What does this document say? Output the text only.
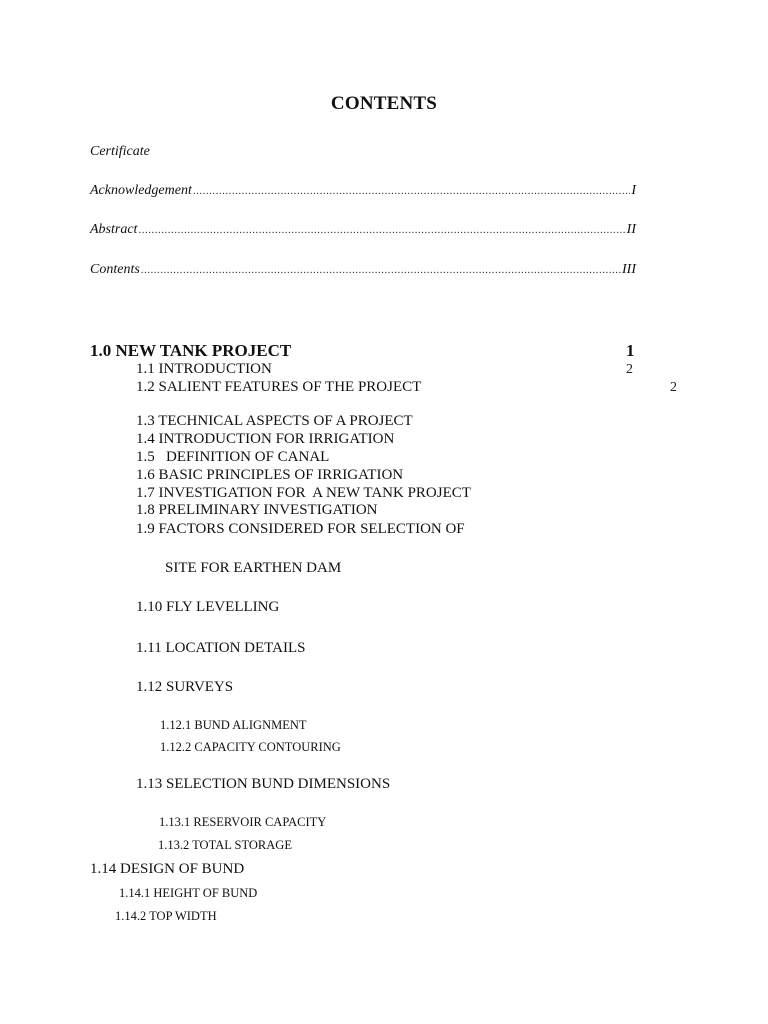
CONTENTS
Certificate
Acknowledgement .....	I
Abstract .....	II
Contents .....	III
1.0 NEW TANK PROJECT	1
1.1 INTRODUCTION	2
1.2 SALIENT FEATURES OF THE PROJECT	2
1.3 TECHNICAL ASPECTS OF A PROJECT
1.4 INTRODUCTION FOR IRRIGATION
1.5   DEFINITION OF CANAL
1.6 BASIC PRINCIPLES OF IRRIGATION
1.7 INVESTIGATION FOR  A NEW TANK PROJECT
1.8 PRELIMINARY INVESTIGATION
1.9 FACTORS CONSIDERED FOR SELECTION OF
SITE FOR EARTHEN DAM
1.10 FLY LEVELLING
1.11 LOCATION DETAILS
1.12 SURVEYS
1.12.1 BUND ALIGNMENT
1.12.2 CAPACITY CONTOURING
1.13 SELECTION BUND DIMENSIONS
1.13.1 RESERVOIR CAPACITY
1.13.2 TOTAL STORAGE
1.14 DESIGN OF BUND
1.14.1 HEIGHT OF BUND
1.14.2 TOP WIDTH
